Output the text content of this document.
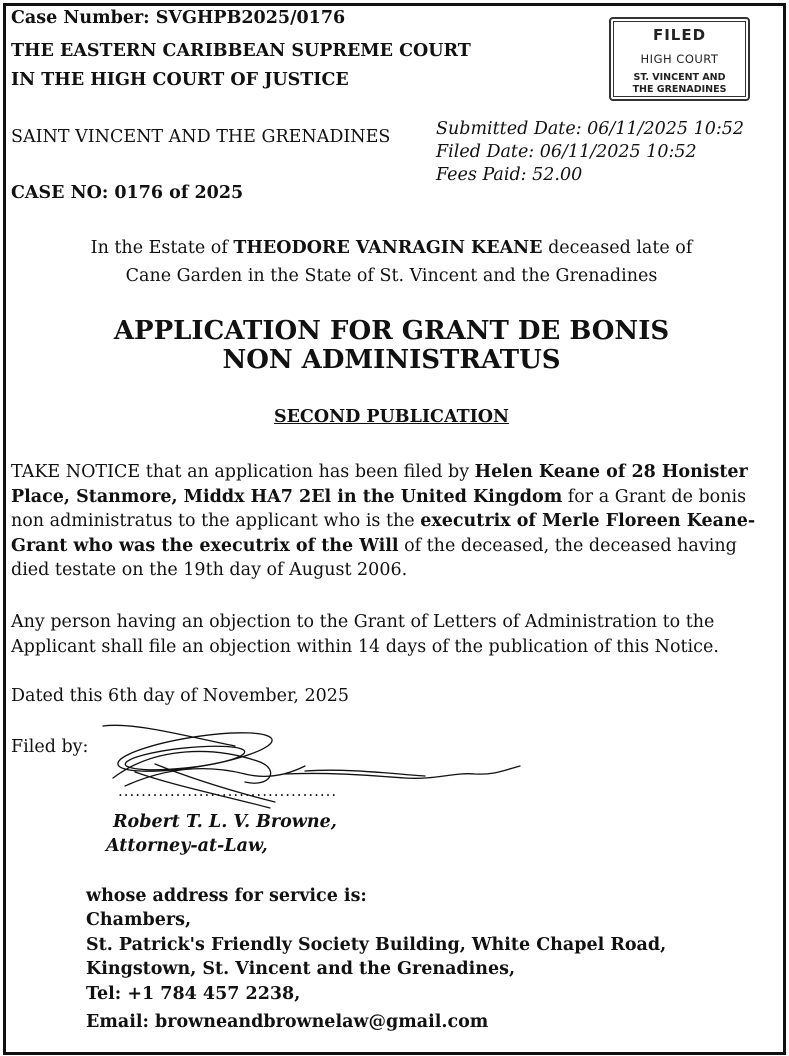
Case Number: SVGHPB2025/0176
THE EASTERN CARIBBEAN SUPREME COURT
IN THE HIGH COURT OF JUSTICE
FILED
HIGH COURT
ST. VINCENT AND
THE GRENADINES
SAINT VINCENT AND THE GRENADINES	Submitted Date: 06/11/2025 10:52
Filed Date: 06/11/2025 10:52
Fees Paid: 52.00
CASE NO: 0176 of 2025
In the Estate of THEODORE VANRAGIN KEANE deceased late of
Cane Garden in the State of St. Vincent and the Grenadines
APPLICATION FOR GRANT DE BONIS
NON ADMINISTRATUS
SECOND PUBLICATION
TAKE NOTICE that an application has been filed by Helen Keane of 28 Honister Place, Stanmore, Middx HA7 2El in the United Kingdom for a Grant de bonis non administratus to the applicant who is the executrix of Merle Floreen Keane-Grant who was the executrix of the Will of the deceased, the deceased having died testate on the 19th day of August 2006.
Any person having an objection to the Grant of Letters of Administration to the Applicant shall file an objection within 14 days of the publication of this Notice.
Dated this 6th day of November, 2025
Filed by:
......................................
Robert T. L. V. Browne,
Attorney-at-Law,
whose address for service is:
Chambers,
St. Patrick's Friendly Society Building, White Chapel Road,
Kingstown, St. Vincent and the Grenadines,
Tel: +1 784 457 2238,
Email: browneandbrownelaw@gmail.com
